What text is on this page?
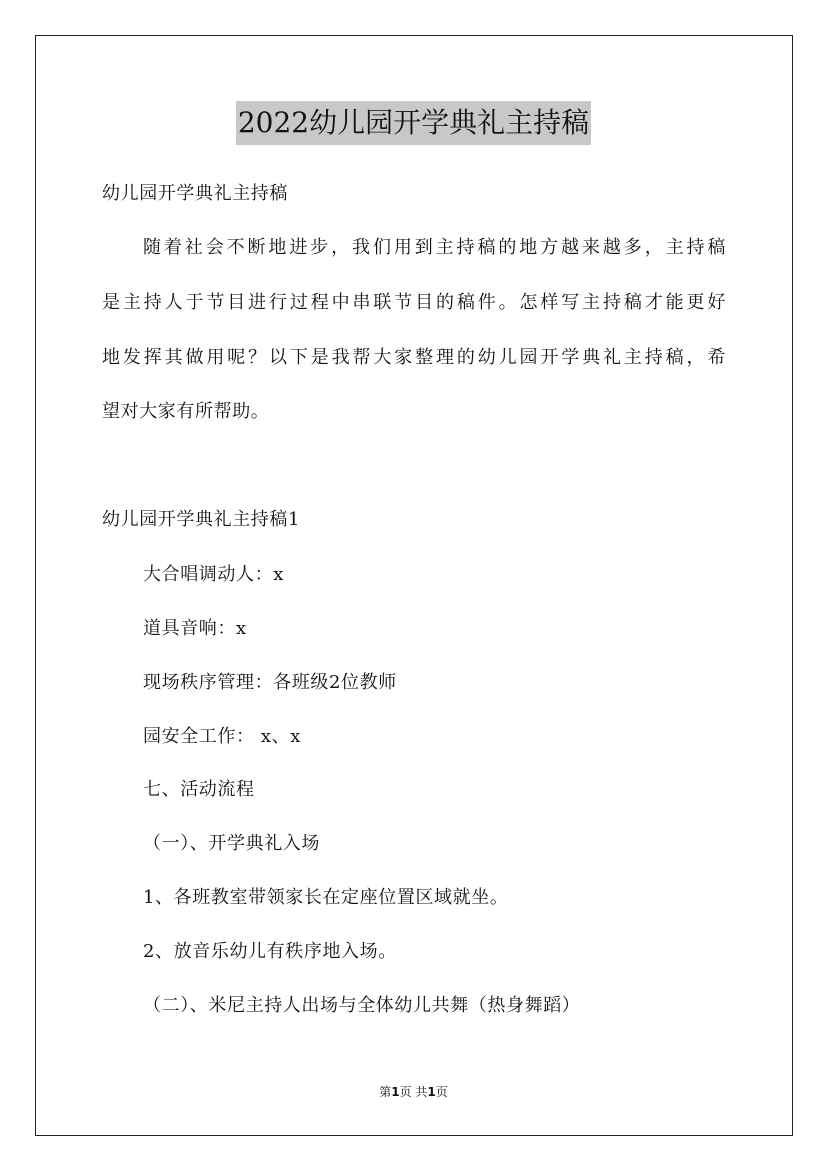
2022幼儿园开学典礼主持稿
幼儿园开学典礼主持稿
随着社会不断地进步，我们用到主持稿的地方越来越多，主持稿
是主持人于节目进行过程中串联节目的稿件。怎样写主持稿才能更好
地发挥其做用呢？以下是我帮大家整理的幼儿园开学典礼主持稿，希
望对大家有所帮助。
幼儿园开学典礼主持稿1
大合唱调动人：x
道具音响：x
现场秩序管理：各班级2位教师
园安全工作： x、x
七、活动流程
（一）、开学典礼入场
1、各班教室带领家长在定座位置区域就坐。
2、放音乐幼儿有秩序地入场。
（二）、米尼主持人出场与全体幼儿共舞（热身舞蹈）
第1页 共1页
